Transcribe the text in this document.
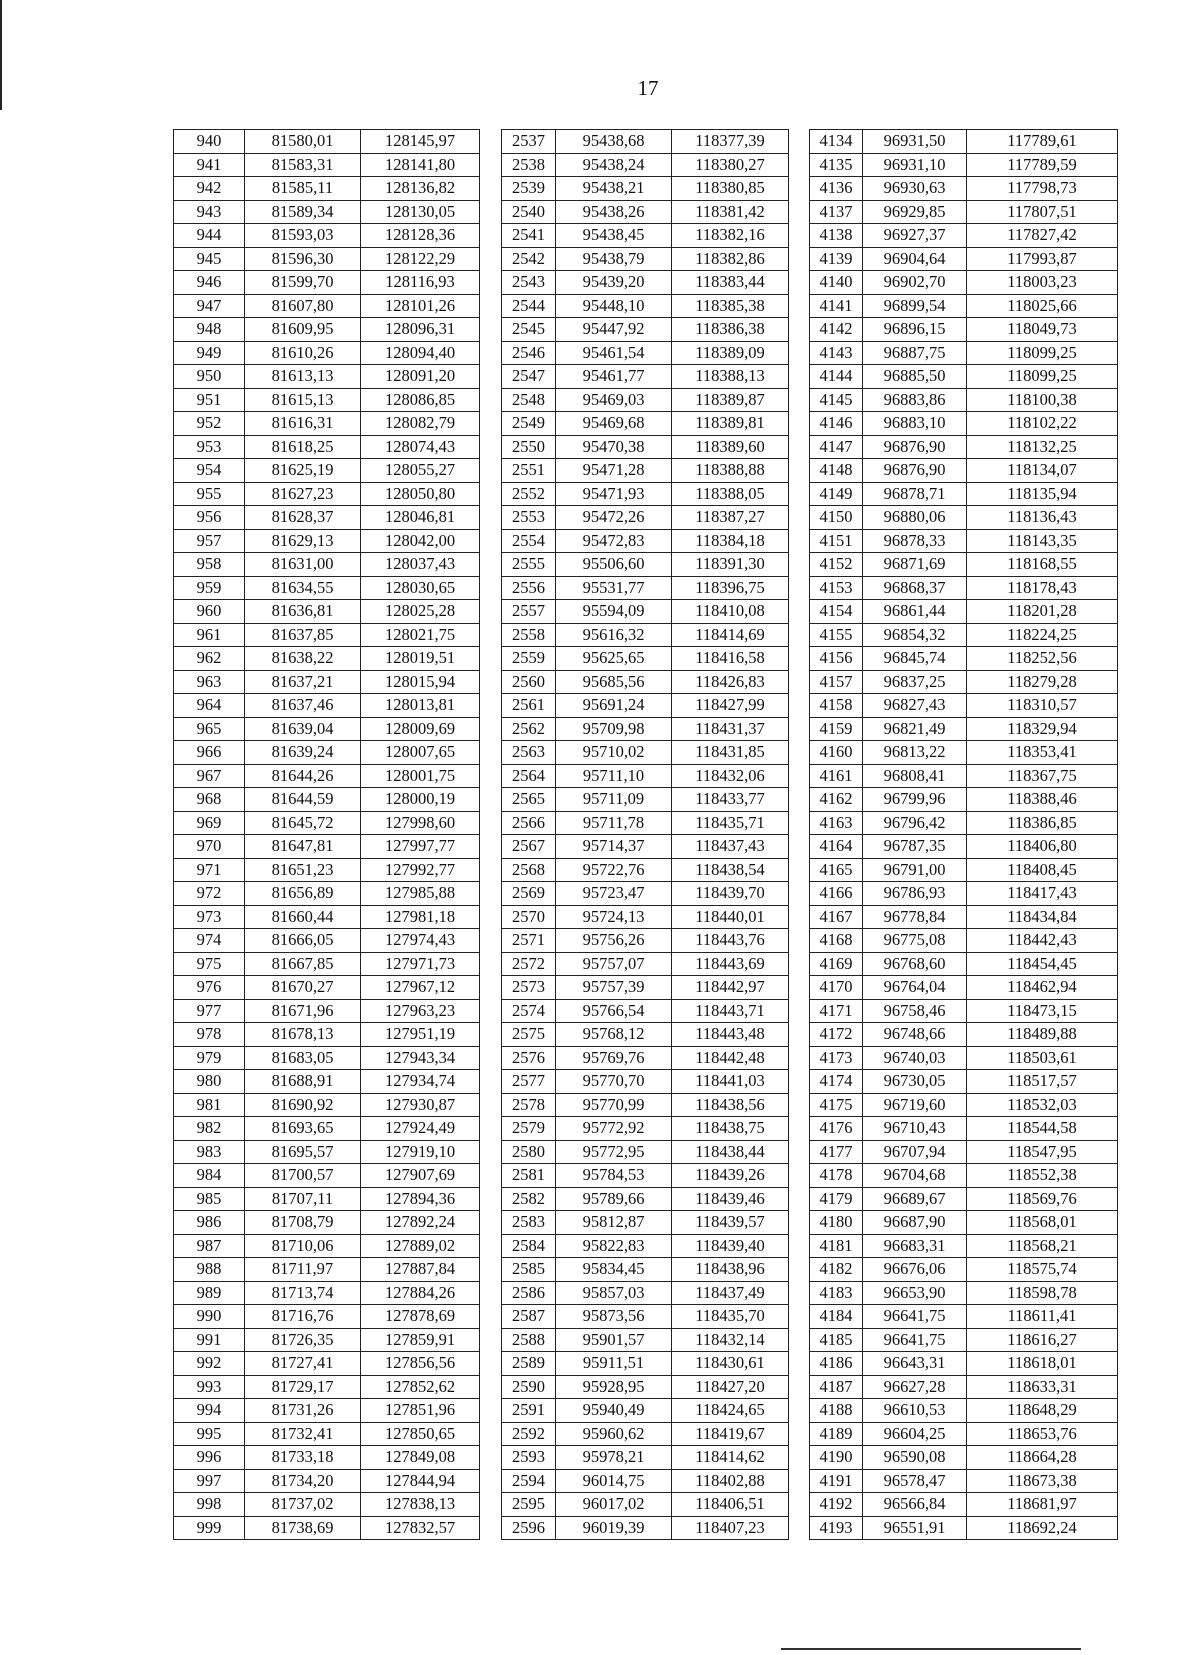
17
940	81580,01	128145,97		2537	95438,68	118377,39		4134	96931,50	117789,61
941	81583,31	128141,80		2538	95438,24	118380,27		4135	96931,10	117789,59
942	81585,11	128136,82		2539	95438,21	118380,85		4136	96930,63	117798,73
943	81589,34	128130,05		2540	95438,26	118381,42		4137	96929,85	117807,51
944	81593,03	128128,36		2541	95438,45	118382,16		4138	96927,37	117827,42
945	81596,30	128122,29		2542	95438,79	118382,86		4139	96904,64	117993,87
946	81599,70	128116,93		2543	95439,20	118383,44		4140	96902,70	118003,23
947	81607,80	128101,26		2544	95448,10	118385,38		4141	96899,54	118025,66
948	81609,95	128096,31		2545	95447,92	118386,38		4142	96896,15	118049,73
949	81610,26	128094,40		2546	95461,54	118389,09		4143	96887,75	118099,25
950	81613,13	128091,20		2547	95461,77	118388,13		4144	96885,50	118099,25
951	81615,13	128086,85		2548	95469,03	118389,87		4145	96883,86	118100,38
952	81616,31	128082,79		2549	95469,68	118389,81		4146	96883,10	118102,22
953	81618,25	128074,43		2550	95470,38	118389,60		4147	96876,90	118132,25
954	81625,19	128055,27		2551	95471,28	118388,88		4148	96876,90	118134,07
955	81627,23	128050,80		2552	95471,93	118388,05		4149	96878,71	118135,94
956	81628,37	128046,81		2553	95472,26	118387,27		4150	96880,06	118136,43
957	81629,13	128042,00		2554	95472,83	118384,18		4151	96878,33	118143,35
958	81631,00	128037,43		2555	95506,60	118391,30		4152	96871,69	118168,55
959	81634,55	128030,65		2556	95531,77	118396,75		4153	96868,37	118178,43
960	81636,81	128025,28		2557	95594,09	118410,08		4154	96861,44	118201,28
961	81637,85	128021,75		2558	95616,32	118414,69		4155	96854,32	118224,25
962	81638,22	128019,51		2559	95625,65	118416,58		4156	96845,74	118252,56
963	81637,21	128015,94		2560	95685,56	118426,83		4157	96837,25	118279,28
964	81637,46	128013,81		2561	95691,24	118427,99		4158	96827,43	118310,57
965	81639,04	128009,69		2562	95709,98	118431,37		4159	96821,49	118329,94
966	81639,24	128007,65		2563	95710,02	118431,85		4160	96813,22	118353,41
967	81644,26	128001,75		2564	95711,10	118432,06		4161	96808,41	118367,75
968	81644,59	128000,19		2565	95711,09	118433,77		4162	96799,96	118388,46
969	81645,72	127998,60		2566	95711,78	118435,71		4163	96796,42	118386,85
970	81647,81	127997,77		2567	95714,37	118437,43		4164	96787,35	118406,80
971	81651,23	127992,77		2568	95722,76	118438,54		4165	96791,00	118408,45
972	81656,89	127985,88		2569	95723,47	118439,70		4166	96786,93	118417,43
973	81660,44	127981,18		2570	95724,13	118440,01		4167	96778,84	118434,84
974	81666,05	127974,43		2571	95756,26	118443,76		4168	96775,08	118442,43
975	81667,85	127971,73		2572	95757,07	118443,69		4169	96768,60	118454,45
976	81670,27	127967,12		2573	95757,39	118442,97		4170	96764,04	118462,94
977	81671,96	127963,23		2574	95766,54	118443,71		4171	96758,46	118473,15
978	81678,13	127951,19		2575	95768,12	118443,48		4172	96748,66	118489,88
979	81683,05	127943,34		2576	95769,76	118442,48		4173	96740,03	118503,61
980	81688,91	127934,74		2577	95770,70	118441,03		4174	96730,05	118517,57
981	81690,92	127930,87		2578	95770,99	118438,56		4175	96719,60	118532,03
982	81693,65	127924,49		2579	95772,92	118438,75		4176	96710,43	118544,58
983	81695,57	127919,10		2580	95772,95	118438,44		4177	96707,94	118547,95
984	81700,57	127907,69		2581	95784,53	118439,26		4178	96704,68	118552,38
985	81707,11	127894,36		2582	95789,66	118439,46		4179	96689,67	118569,76
986	81708,79	127892,24		2583	95812,87	118439,57		4180	96687,90	118568,01
987	81710,06	127889,02		2584	95822,83	118439,40		4181	96683,31	118568,21
988	81711,97	127887,84		2585	95834,45	118438,96		4182	96676,06	118575,74
989	81713,74	127884,26		2586	95857,03	118437,49		4183	96653,90	118598,78
990	81716,76	127878,69		2587	95873,56	118435,70		4184	96641,75	118611,41
991	81726,35	127859,91		2588	95901,57	118432,14		4185	96641,75	118616,27
992	81727,41	127856,56		2589	95911,51	118430,61		4186	96643,31	118618,01
993	81729,17	127852,62		2590	95928,95	118427,20		4187	96627,28	118633,31
994	81731,26	127851,96		2591	95940,49	118424,65		4188	96610,53	118648,29
995	81732,41	127850,65		2592	95960,62	118419,67		4189	96604,25	118653,76
996	81733,18	127849,08		2593	95978,21	118414,62		4190	96590,08	118664,28
997	81734,20	127844,94		2594	96014,75	118402,88		4191	96578,47	118673,38
998	81737,02	127838,13		2595	96017,02	118406,51		4192	96566,84	118681,97
999	81738,69	127832,57		2596	96019,39	118407,23		4193	96551,91	118692,24
